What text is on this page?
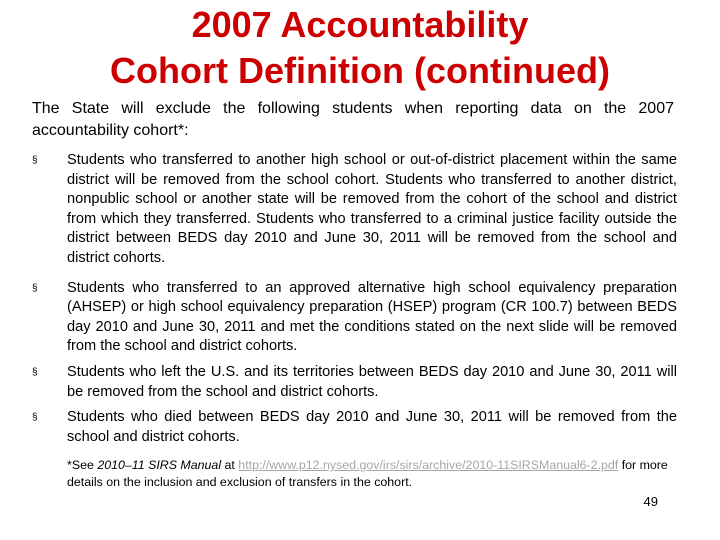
2007 Accountability
Cohort Definition (continued)
The State will exclude the following students when reporting data on the 2007 accountability cohort*:
§ Students who transferred to another high school or out-of-district placement within the same district will be removed from the school cohort. Students who transferred to another district, nonpublic school or another state will be removed from the cohort of the school and district from which they transferred. Students who transferred to a criminal justice facility outside the district between BEDS day 2010 and June 30, 2011 will be removed from the school and district cohorts.
§ Students who transferred to an approved alternative high school equivalency preparation (AHSEP) or high school equivalency preparation (HSEP) program (CR 100.7) between BEDS day 2010 and June 30, 2011 and met the conditions stated on the next slide will be removed from the school and district cohorts.
§ Students who left the U.S. and its territories between BEDS day 2010 and June 30, 2011 will be removed from the school and district cohorts.
§ Students who died between BEDS day 2010 and June 30, 2011 will be removed from the school and district cohorts.
*See 2010–11 SIRS Manual at http://www.p12.nysed.gov/irs/sirs/archive/2010-11SIRSManual6-2.pdf for more details on the inclusion and exclusion of transfers in the cohort.
49
